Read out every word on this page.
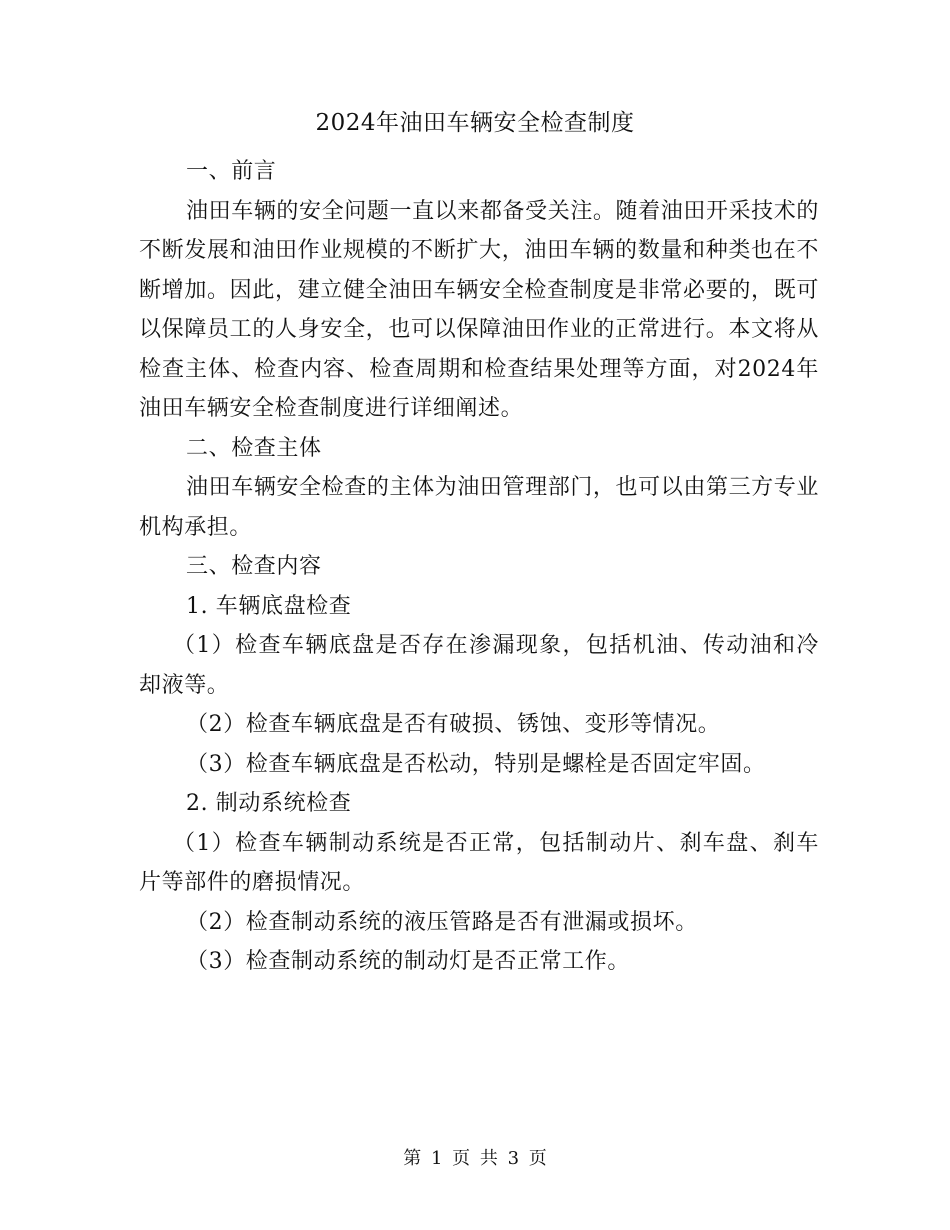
2024年油田车辆安全检查制度

一、前言

油田车辆的安全问题一直以来都备受关注。随着油田开采技术的不断发展和油田作业规模的不断扩大，油田车辆的数量和种类也在不断增加。因此，建立健全油田车辆安全检查制度是非常必要的，既可以保障员工的人身安全，也可以保障油田作业的正常进行。本文将从检查主体、检查内容、检查周期和检查结果处理等方面，对2024年油田车辆安全检查制度进行详细阐述。

二、检查主体

油田车辆安全检查的主体为油田管理部门，也可以由第三方专业机构承担。

三、检查内容

1. 车辆底盘检查

（1）检查车辆底盘是否存在渗漏现象，包括机油、传动油和冷却液等。

（2）检查车辆底盘是否有破损、锈蚀、变形等情况。

（3）检查车辆底盘是否松动，特别是螺栓是否固定牢固。

2. 制动系统检查

（1）检查车辆制动系统是否正常，包括制动片、刹车盘、刹车片等部件的磨损情况。

（2）检查制动系统的液压管路是否有泄漏或损坏。

（3）检查制动系统的制动灯是否正常工作。

第 1 页 共 3 页
